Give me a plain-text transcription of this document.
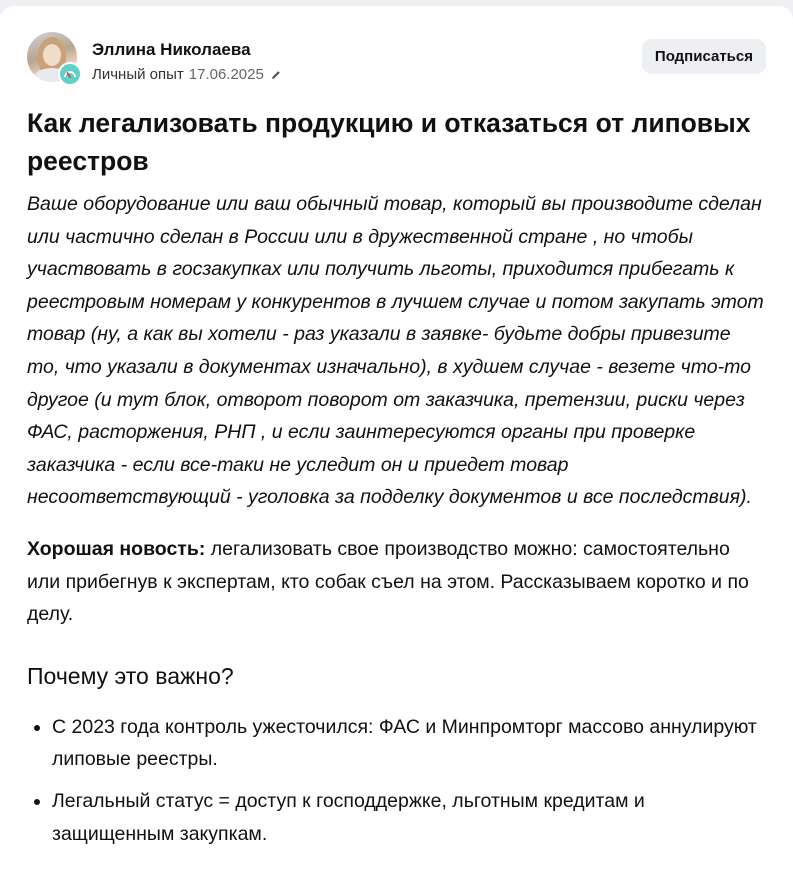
Эллина Николаева
Личный опыт 17.06.2025
Подписаться
Как легализовать продукцию и отказаться от липовых реестров

Ваше оборудование или ваш обычный товар, который вы производите сделан или частично сделан в России или в дружественной стране , но чтобы участвовать в госзакупках или получить льготы, приходится прибегать к реестровым номерам у конкурентов в лучшем случае и потом закупать этот товар (ну, а как вы хотели - раз указали в заявке- будьте добры привезите то, что указали в документах изначально), в худшем случае - везете что-то другое (и тут блок, отворот поворот от заказчика, претензии, риски через ФАС, расторжения, РНП , и если заинтересуются органы при проверке заказчика - если все-таки не уследит он и приедет товар несоответствующий - уголовка за подделку документов и все последствия).

Хорошая новость: легализовать свое производство можно: самостоятельно или прибегнув к экспертам, кто собак съел на этом. Рассказываем коротко и по делу.

Почему это важно?
• С 2023 года контроль ужесточился: ФАС и Минпромторг массово аннулируют липовые реестры.
• Легальный статус = доступ к господдержке, льготным кредитам и защищенным закупкам.
